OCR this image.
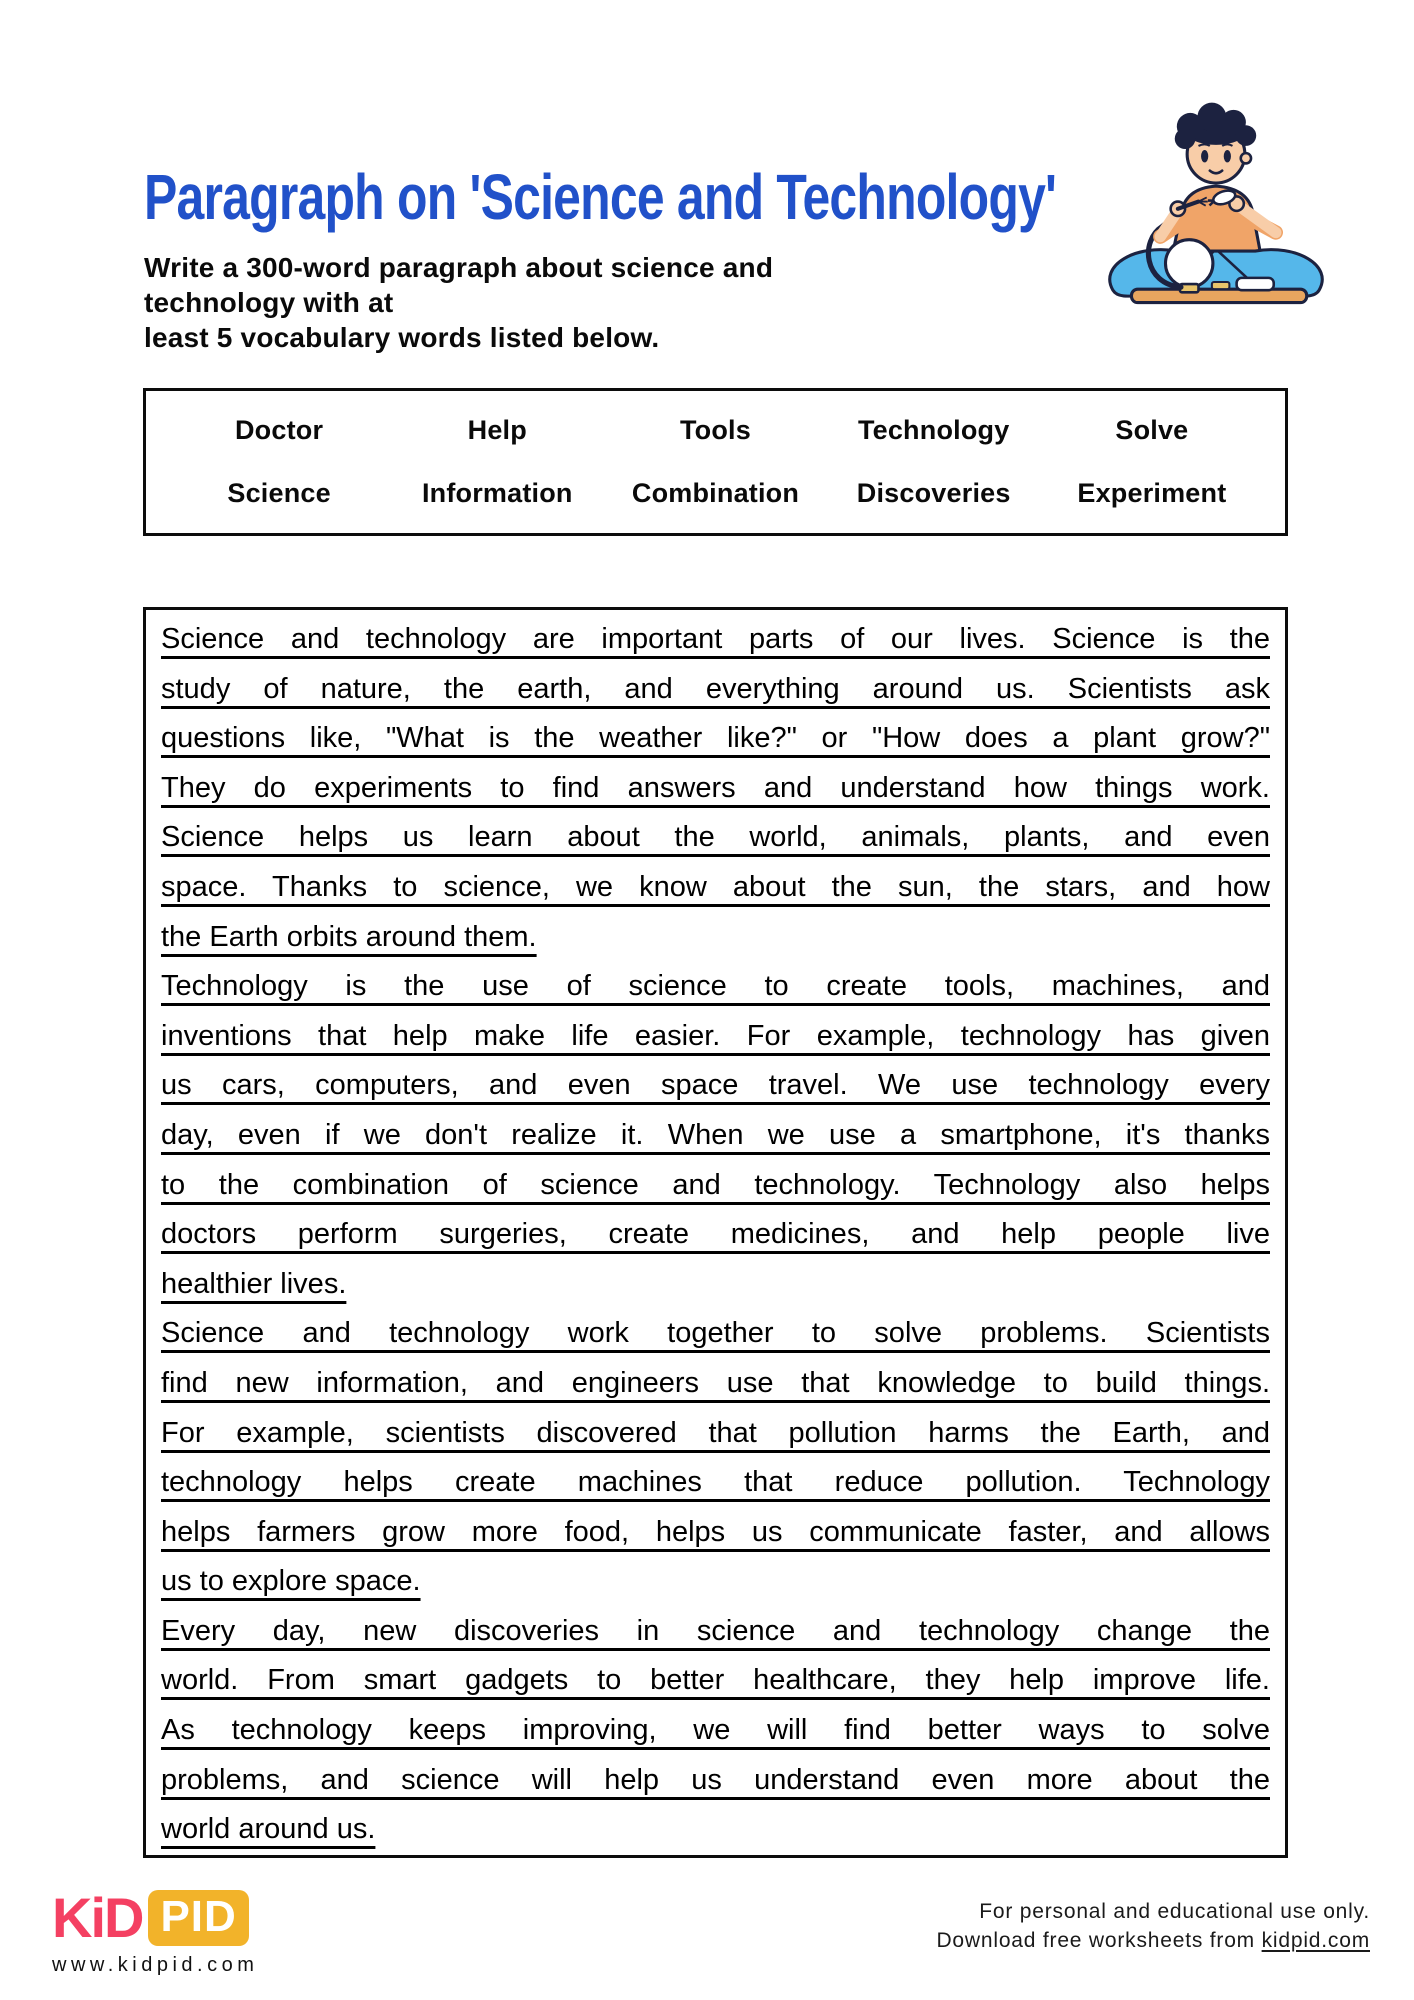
Paragraph on 'Science and Technology'
Write a 300-word paragraph about science and technology with at
least 5 vocabulary words listed below.
Doctor	Help	Tools	Technology	Solve
Science	Information Combination Discoveries Experiment
Science and technology are important parts of our lives. Science is the
study of nature, the earth, and everything around us. Scientists ask
questions like, "What is the weather like?" or "How does a plant grow?"
They do experiments to find answers and understand how things work.
Science helps us learn about the world, animals, plants, and even
space. Thanks to science, we know about the sun, the stars, and how
the Earth orbits around them.
Technology is the use of science to create tools, machines, and
inventions that help make life easier. For example, technology has given
us cars, computers, and even space travel. We use technology every
day, even if we don't realize it. When we use a smartphone, it's thanks
to the combination of science and technology. Technology also helps
doctors perform surgeries, create medicines, and help people live
healthier lives.
Science and technology work together to solve problems. Scientists
find new information, and engineers use that knowledge to build things.
For example, scientists discovered that pollution harms the Earth, and
technology helps create machines that reduce pollution. Technology
helps farmers grow more food, helps us communicate faster, and allows
us to explore space.
Every day, new discoveries in science and technology change the
world. From smart gadgets to better healthcare, they help improve life.
As technology keeps improving, we will find better ways to solve
problems, and science will help us understand even more about the
world around us.
KiD PID
www.kidpid.com
For personal and educational use only.
Download free worksheets from kidpid.com
